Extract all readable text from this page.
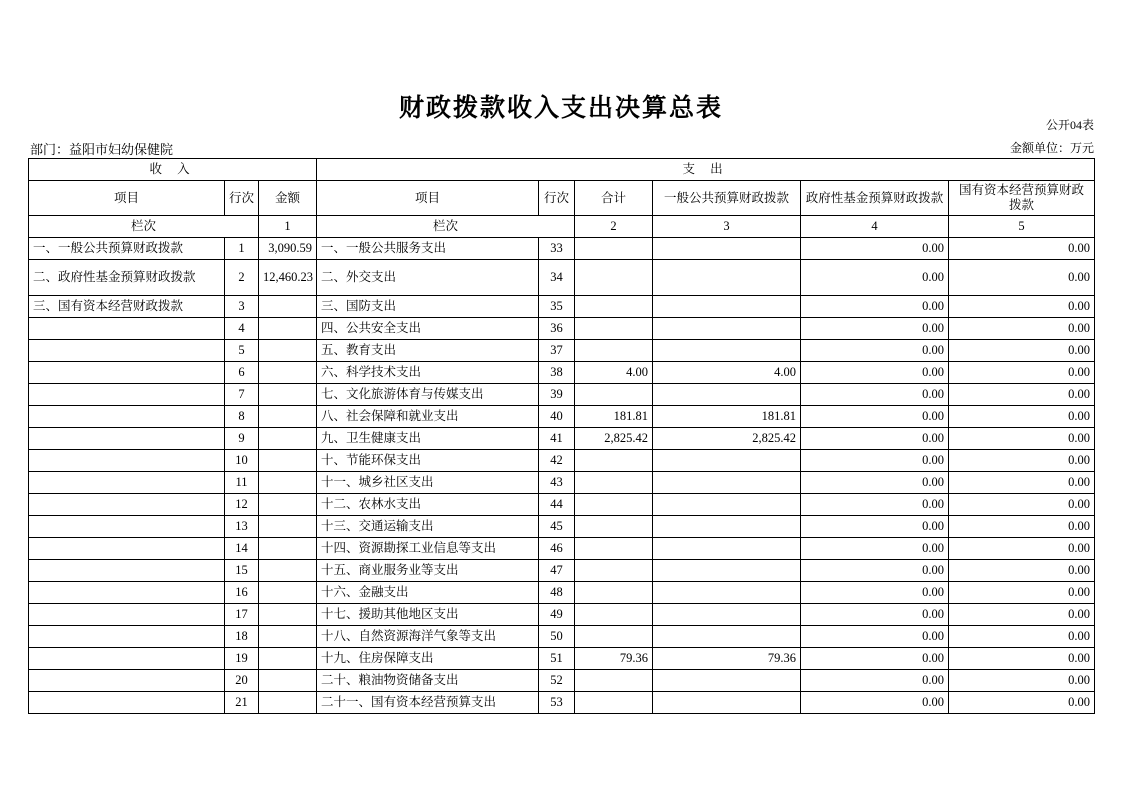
财政拨款收入支出决算总表
公开04表
部门：益阳市妇幼保健院	金额单位：万元
收 入			支 出					
项目	行次	金额	项目	行次	合计	一般公共预算财政拨款	政府性基金预算财政拨款	国有资本经营预算财政拨款
栏次		1	栏次		2	3	4	5
一、一般公共预算财政拨款	1	3,090.59	一、一般公共服务支出	33			0.00	0.00
二、政府性基金预算财政拨款	2	12,460.23	二、外交支出	34			0.00	0.00
三、国有资本经营财政拨款	3		三、国防支出	35			0.00	0.00
	4		四、公共安全支出	36			0.00	0.00
	5		五、教育支出	37			0.00	0.00
	6		六、科学技术支出	38	4.00	4.00	0.00	0.00
	7		七、文化旅游体育与传媒支出	39			0.00	0.00
	8		八、社会保障和就业支出	40	181.81	181.81	0.00	0.00
	9		九、卫生健康支出	41	2,825.42	2,825.42	0.00	0.00
	10		十、节能环保支出	42			0.00	0.00
	11		十一、城乡社区支出	43			0.00	0.00
	12		十二、农林水支出	44			0.00	0.00
	13		十三、交通运输支出	45			0.00	0.00
	14		十四、资源勘探工业信息等支出	46			0.00	0.00
	15		十五、商业服务业等支出	47			0.00	0.00
	16		十六、金融支出	48			0.00	0.00
	17		十七、援助其他地区支出	49			0.00	0.00
	18		十八、自然资源海洋气象等支出	50			0.00	0.00
	19		十九、住房保障支出	51	79.36	79.36	0.00	0.00
	20		二十、粮油物资储备支出	52			0.00	0.00
	21		二十一、国有资本经营预算支出	53			0.00	0.00
